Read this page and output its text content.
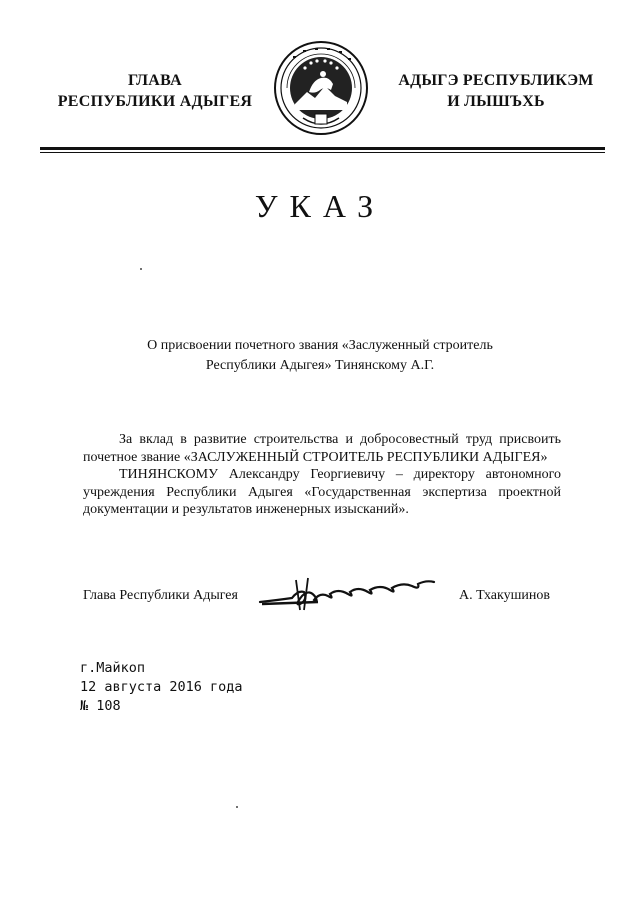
ГЛАВА
РЕСПУБЛИКИ АДЫГЕЯ
АДЫГЭ РЕСПУБЛИКЭМ
И ЛЫШЪХЬ
УКАЗ
О присвоении почетного звания «Заслуженный строитель
Республики Адыгея» Тинянскому А.Г.

За вклад в развитие строительства и добросовестный труд присвоить почетное звание «ЗАСЛУЖЕННЫЙ СТРОИТЕЛЬ РЕСПУБЛИКИ АДЫГЕЯ»

ТИНЯНСКОМУ Александру Георгиевичу – директору автономного учреждения Республики Адыгея «Государственная экспертиза проектной документации и результатов инженерных изысканий».

Глава Республики Адыгея	А. Тхакушинов
г.Майкоп
12 августа 2016 года
№ 108
